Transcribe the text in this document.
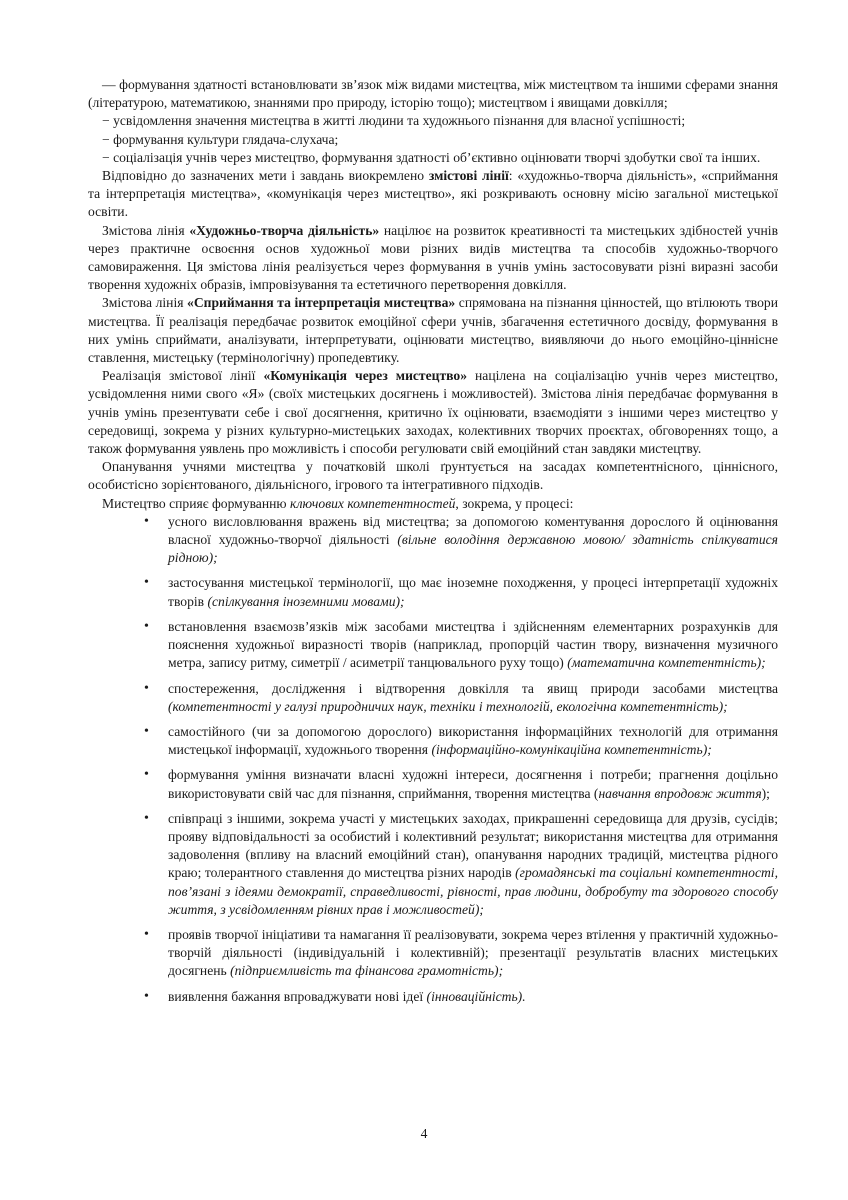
— формування здатності встановлювати зв’язок між видами мистецтва, між мистецтвом та іншими сферами знання (літературою, математикою, знаннями про природу, історію тощо); мистецтвом і явищами довкілля;

− усвідомлення значення мистецтва в житті людини та художнього пізнання для власної успішності;

− формування культури глядача-слухача;

− соціалізація учнів через мистецтво, формування здатності об’єктивно оцінювати творчі здобутки свої та інших.

Відповідно до зазначених мети і завдань виокремлено змістові лінії: «художньо-творча діяльність», «сприймання та інтерпретація мистецтва», «комунікація через мистецтво», які розкривають основну місію загальної мистецької освіти.

Змістова лінія «Художньо-творча діяльність» націлює на розвиток креативності та мистецьких здібностей учнів через практичне освоєння основ художньої мови різних видів мистецтва та способів художньо-творчого самовираження. Ця змістова лінія реалізується через формування в учнів умінь застосовувати різні виразні засоби творення художніх образів, імпровізування та естетичного перетворення довкілля.

Змістова лінія «Сприймання та інтерпретація мистецтва» спрямована на пізнання цінностей, що втілюють твори мистецтва. Її реалізація передбачає розвиток емоційної сфери учнів, збагачення естетичного досвіду, формування в них умінь сприймати, аналізувати, інтерпретувати, оцінювати мистецтво, виявляючи до нього емоційно-ціннісне ставлення, мистецьку (термінологічну) пропедевтику.

Реалізація змістової лінії «Комунікація через мистецтво» націлена на соціалізацію учнів через мистецтво, усвідомлення ними свого «Я» (своїх мистецьких досягнень і можливостей). Змістова лінія передбачає формування в учнів умінь презентувати себе і свої досягнення, критично їх оцінювати, взаємодіяти з іншими через мистецтво у середовищі, зокрема у різних культурно-мистецьких заходах, колективних творчих проєктах, обговореннях тощо, а також формування уявлень про можливість і способи регулювати свій емоційний стан завдяки мистецтву.

Опанування учнями мистецтва у початковій школі ґрунтується на засадах компетентнісного, ціннісного, особистісно зорієнтованого, діяльнісного, ігрового та інтегративного підходів.

Мистецтво сприяє формуванню ключових компетентностей, зокрема, у процесі:

• усного висловлювання вражень від мистецтва; за допомогою коментування дорослого й оцінювання власної художньо-творчої діяльності (вільне володіння державною мовою/ здатність спілкуватися рідною);
• застосування мистецької термінології, що має іноземне походження, у процесі інтерпретації художніх творів (спілкування іноземними мовами);
• встановлення взаємозв’язків між засобами мистецтва і здійсненням елементарних розрахунків для пояснення художньої виразності творів (наприклад, пропорцій частин твору, визначення музичного метра, запису ритму, симетрії / асиметрії танцювального руху тощо) (математична компетентність);
• спостереження, дослідження і відтворення довкілля та явищ природи засобами мистецтва (компетентності у галузі природничих наук, техніки і технологій, екологічна компетентність);
• самостійного (чи за допомогою дорослого) використання інформаційних технологій для отримання мистецької інформації, художнього творення (інформаційно-комунікаційна компетентність);
• формування уміння визначати власні художні інтереси, досягнення і потреби; прагнення доцільно використовувати свій час для пізнання, сприймання, творення мистецтва (навчання впродовж життя);
• співпраці з іншими, зокрема участі у мистецьких заходах, прикрашенні середовища для друзів, сусідів; прояву відповідальності за особистий і колективний результат; використання мистецтва для отримання задоволення (впливу на власний емоційний стан), опанування народних традицій, мистецтва рідного краю; толерантного ставлення до мистецтва різних народів (громадянські та соціальні компетентності, пов’язані з ідеями демократії, справедливості, рівності, прав людини, добробуту та здорового способу життя, з усвідомленням рівних прав і можливостей);
• проявів творчої ініціативи та намагання її реалізовувати, зокрема через втілення у практичній художньо-творчій діяльності (індивідуальній і колективній); презентації результатів власних мистецьких досягнень (підприємливість та фінансова грамотність);
• виявлення бажання впроваджувати нові ідеї (інноваційність).
4
